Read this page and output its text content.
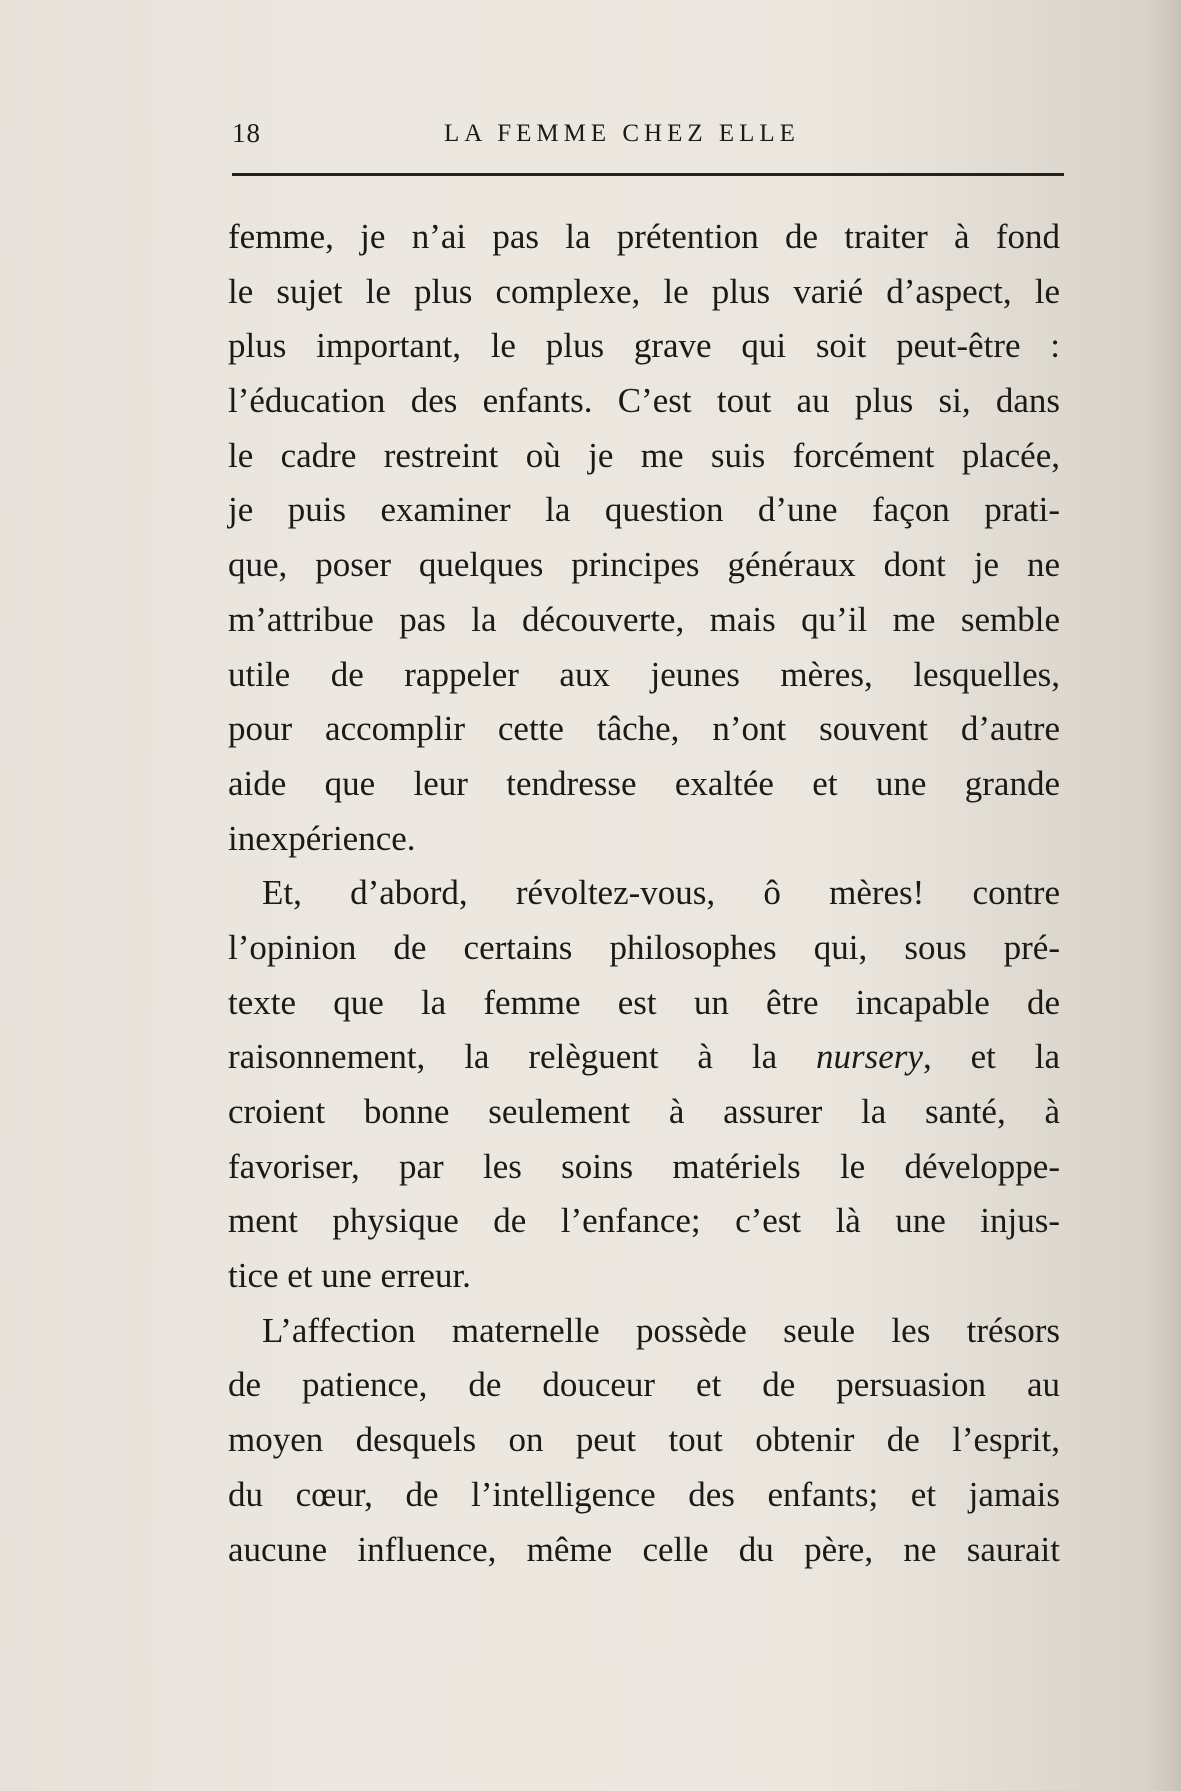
18	LA FEMME CHEZ ELLE
femme, je n’ai pas la prétention de traiter à fond
le sujet le plus complexe, le plus varié d’aspect, le
plus important, le plus grave qui soit peut-être :
l’éducation des enfants. C’est tout au plus si, dans
le cadre restreint où je me suis forcément placée,
je puis examiner la question d’une façon prati-
que, poser quelques principes généraux dont je ne
m’attribue pas la découverte, mais qu’il me semble
utile de rappeler aux jeunes mères, lesquelles,
pour accomplir cette tâche, n’ont souvent d’autre
aide que leur tendresse exaltée et une grande
inexpérience.
Et, d’abord, révoltez-vous, ô mères! contre
l’opinion de certains philosophes qui, sous pré-
texte que la femme est un être incapable de
raisonnement, la relèguent à la nursery, et la
croient bonne seulement à assurer la santé, à
favoriser, par les soins matériels le développe-
ment physique de l’enfance; c’est là une injus-
tice et une erreur.
L’affection maternelle possède seule les trésors
de patience, de douceur et de persuasion au
moyen desquels on peut tout obtenir de l’esprit,
du cœur, de l’intelligence des enfants; et jamais
aucune influence, même celle du père, ne saurait
